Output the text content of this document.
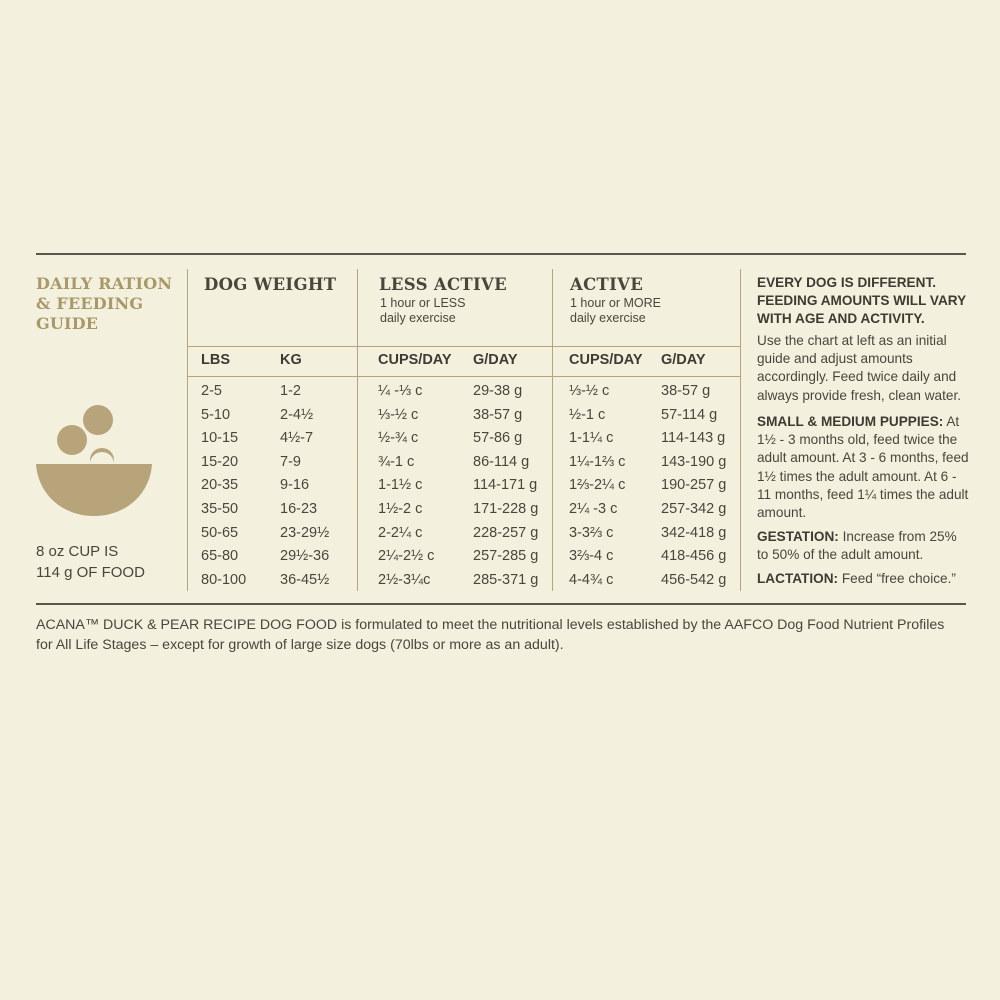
DAILY RATION
& FEEDING
GUIDE
8 oz CUP IS
114 g OF FOOD
DOG WEIGHT	LESS ACTIVE
1 hour or LESS
daily exercise
ACTIVE
1 hour or MORE
daily exercise
LBS	KG	CUPS/DAY G/DAY	CUPS/DAY G/DAY
2-5	1-2	¼ -⅓ c	29-38 g	⅓-½ c	38-57 g
5-10	2-4½	⅓-½ c	38-57 g	½-1 c	57-114 g
10-15	4½-7	½-¾ c	57-86 g	1-1¼ c	114-143 g
15-20	7-9	¾-1 c	86-114 g	1¼-1⅔ c 143-190 g
20-35	9-16	1-1½ c	114-171 g 1⅔-2¼ c 190-257 g
35-50	16-23	1½-2 c	171-228 g 2¼ -3 c	257-342 g
50-65	23-29½	2-2¼ c	228-257 g 3-3⅔ c	342-418 g
65-80	29½-36	2¼-2½ c	257-285 g 3⅔-4 c	418-456 g
80-100 36-45½	2½-3¼c	285-371 g 4-4¾ c	456-542 g
EVERY DOG IS DIFFERENT. FEEDING AMOUNTS WILL VARY WITH AGE AND ACTIVITY.
Use the chart at left as an initial guide and adjust amounts accordingly. Feed twice daily and always provide fresh, clean water.
SMALL & MEDIUM PUPPIES: At 1½ - 3 months old, feed twice the adult amount. At 3 - 6 months, feed 1½ times the adult amount. At 6 - 11 months, feed 1¼ times the adult amount.
GESTATION: Increase from 25% to 50% of the adult amount.
LACTATION: Feed “free choice.”
ACANA™ DUCK & PEAR RECIPE DOG FOOD is formulated to meet the nutritional levels established by the AAFCO Dog Food Nutrient Profiles
for All Life Stages – except for growth of large size dogs (70lbs or more as an adult).
